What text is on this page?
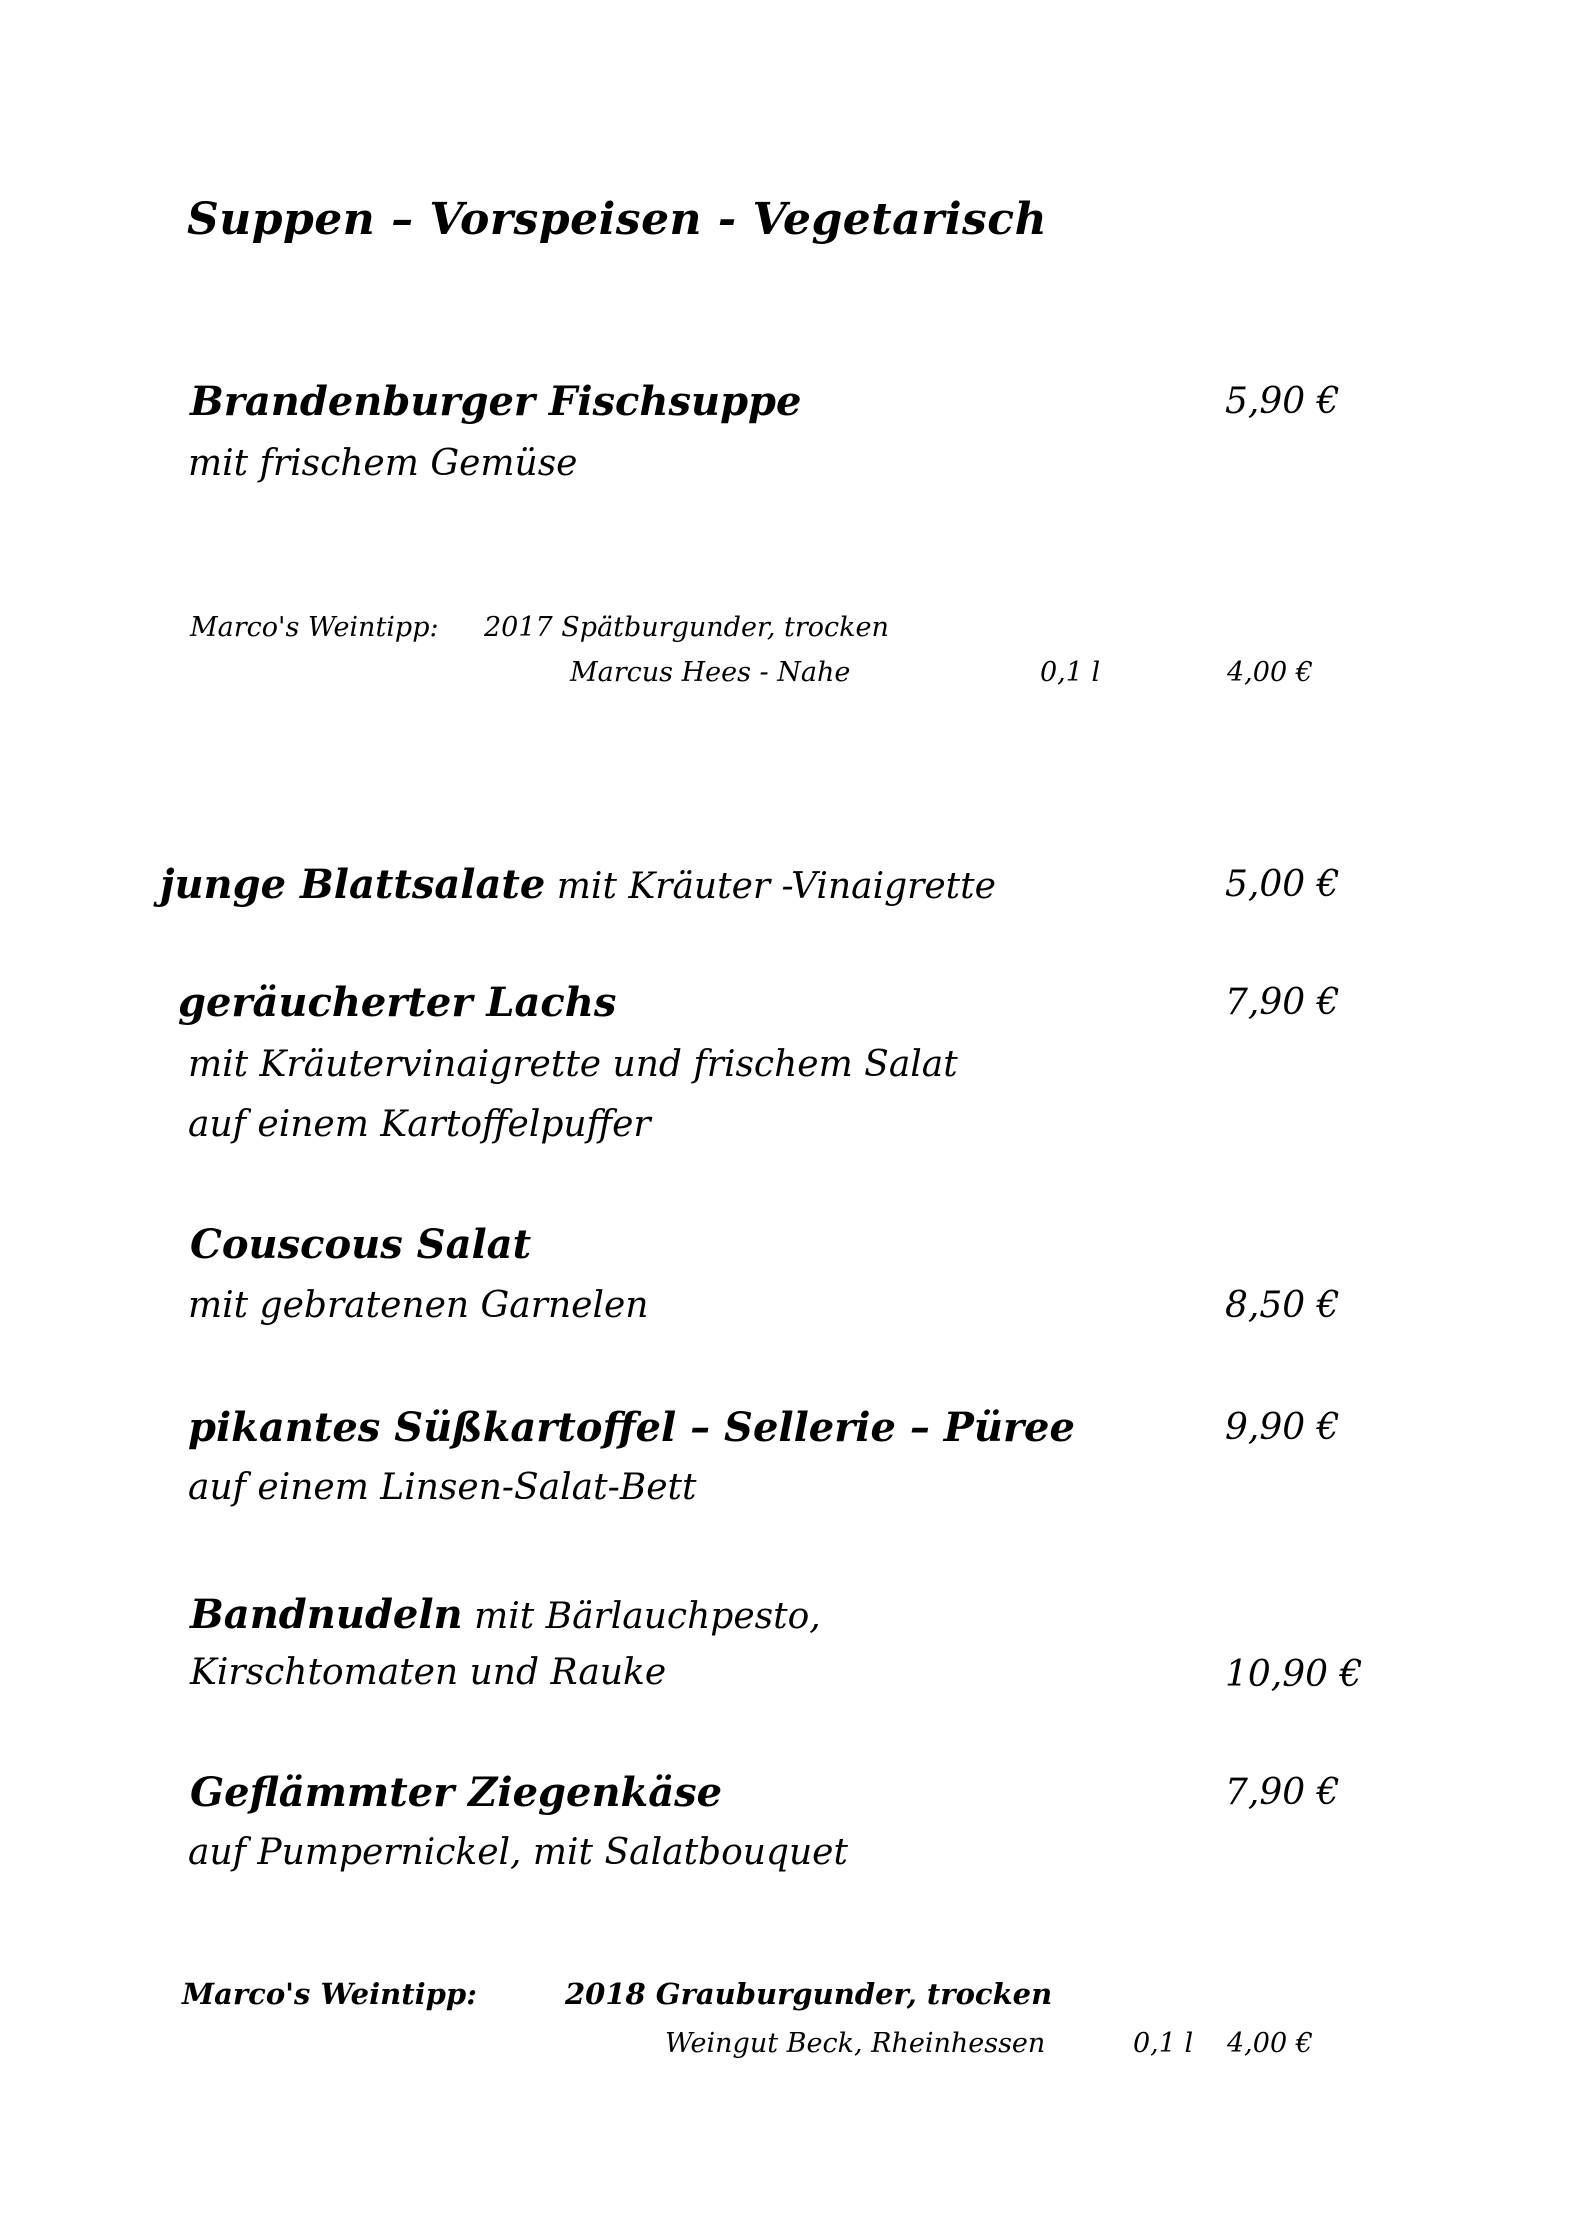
Suppen – Vorspeisen - Vegetarisch
Brandenburger Fischsuppe	5,90 €
mit frischem Gemüse
Marco's Weintipp: 2017 Spätburgunder, trocken
Marcus Hees - Nahe	0,1 l	4,00 €
junge Blattsalate mit Kräuter -Vinaigrette	5,00 €
geräucherter Lachs	7,90 €
mit Kräutervinaigrette und frischem Salat
auf einem Kartoffelpuffer
Couscous Salat
mit gebratenen Garnelen	8,50 €
pikantes Süßkartoffel – Sellerie – Püree	9,90 €
auf einem Linsen-Salat-Bett
Bandnudeln mit Bärlauchpesto,
Kirschtomaten und Rauke	10,90 €
Geflämmter Ziegenkäse	7,90 €
auf Pumpernickel, mit Salatbouquet
Marco's Weintipp:	2018 Grauburgunder, trocken
Weingut Beck, Rheinhessen	0,1 l 4,00 €
